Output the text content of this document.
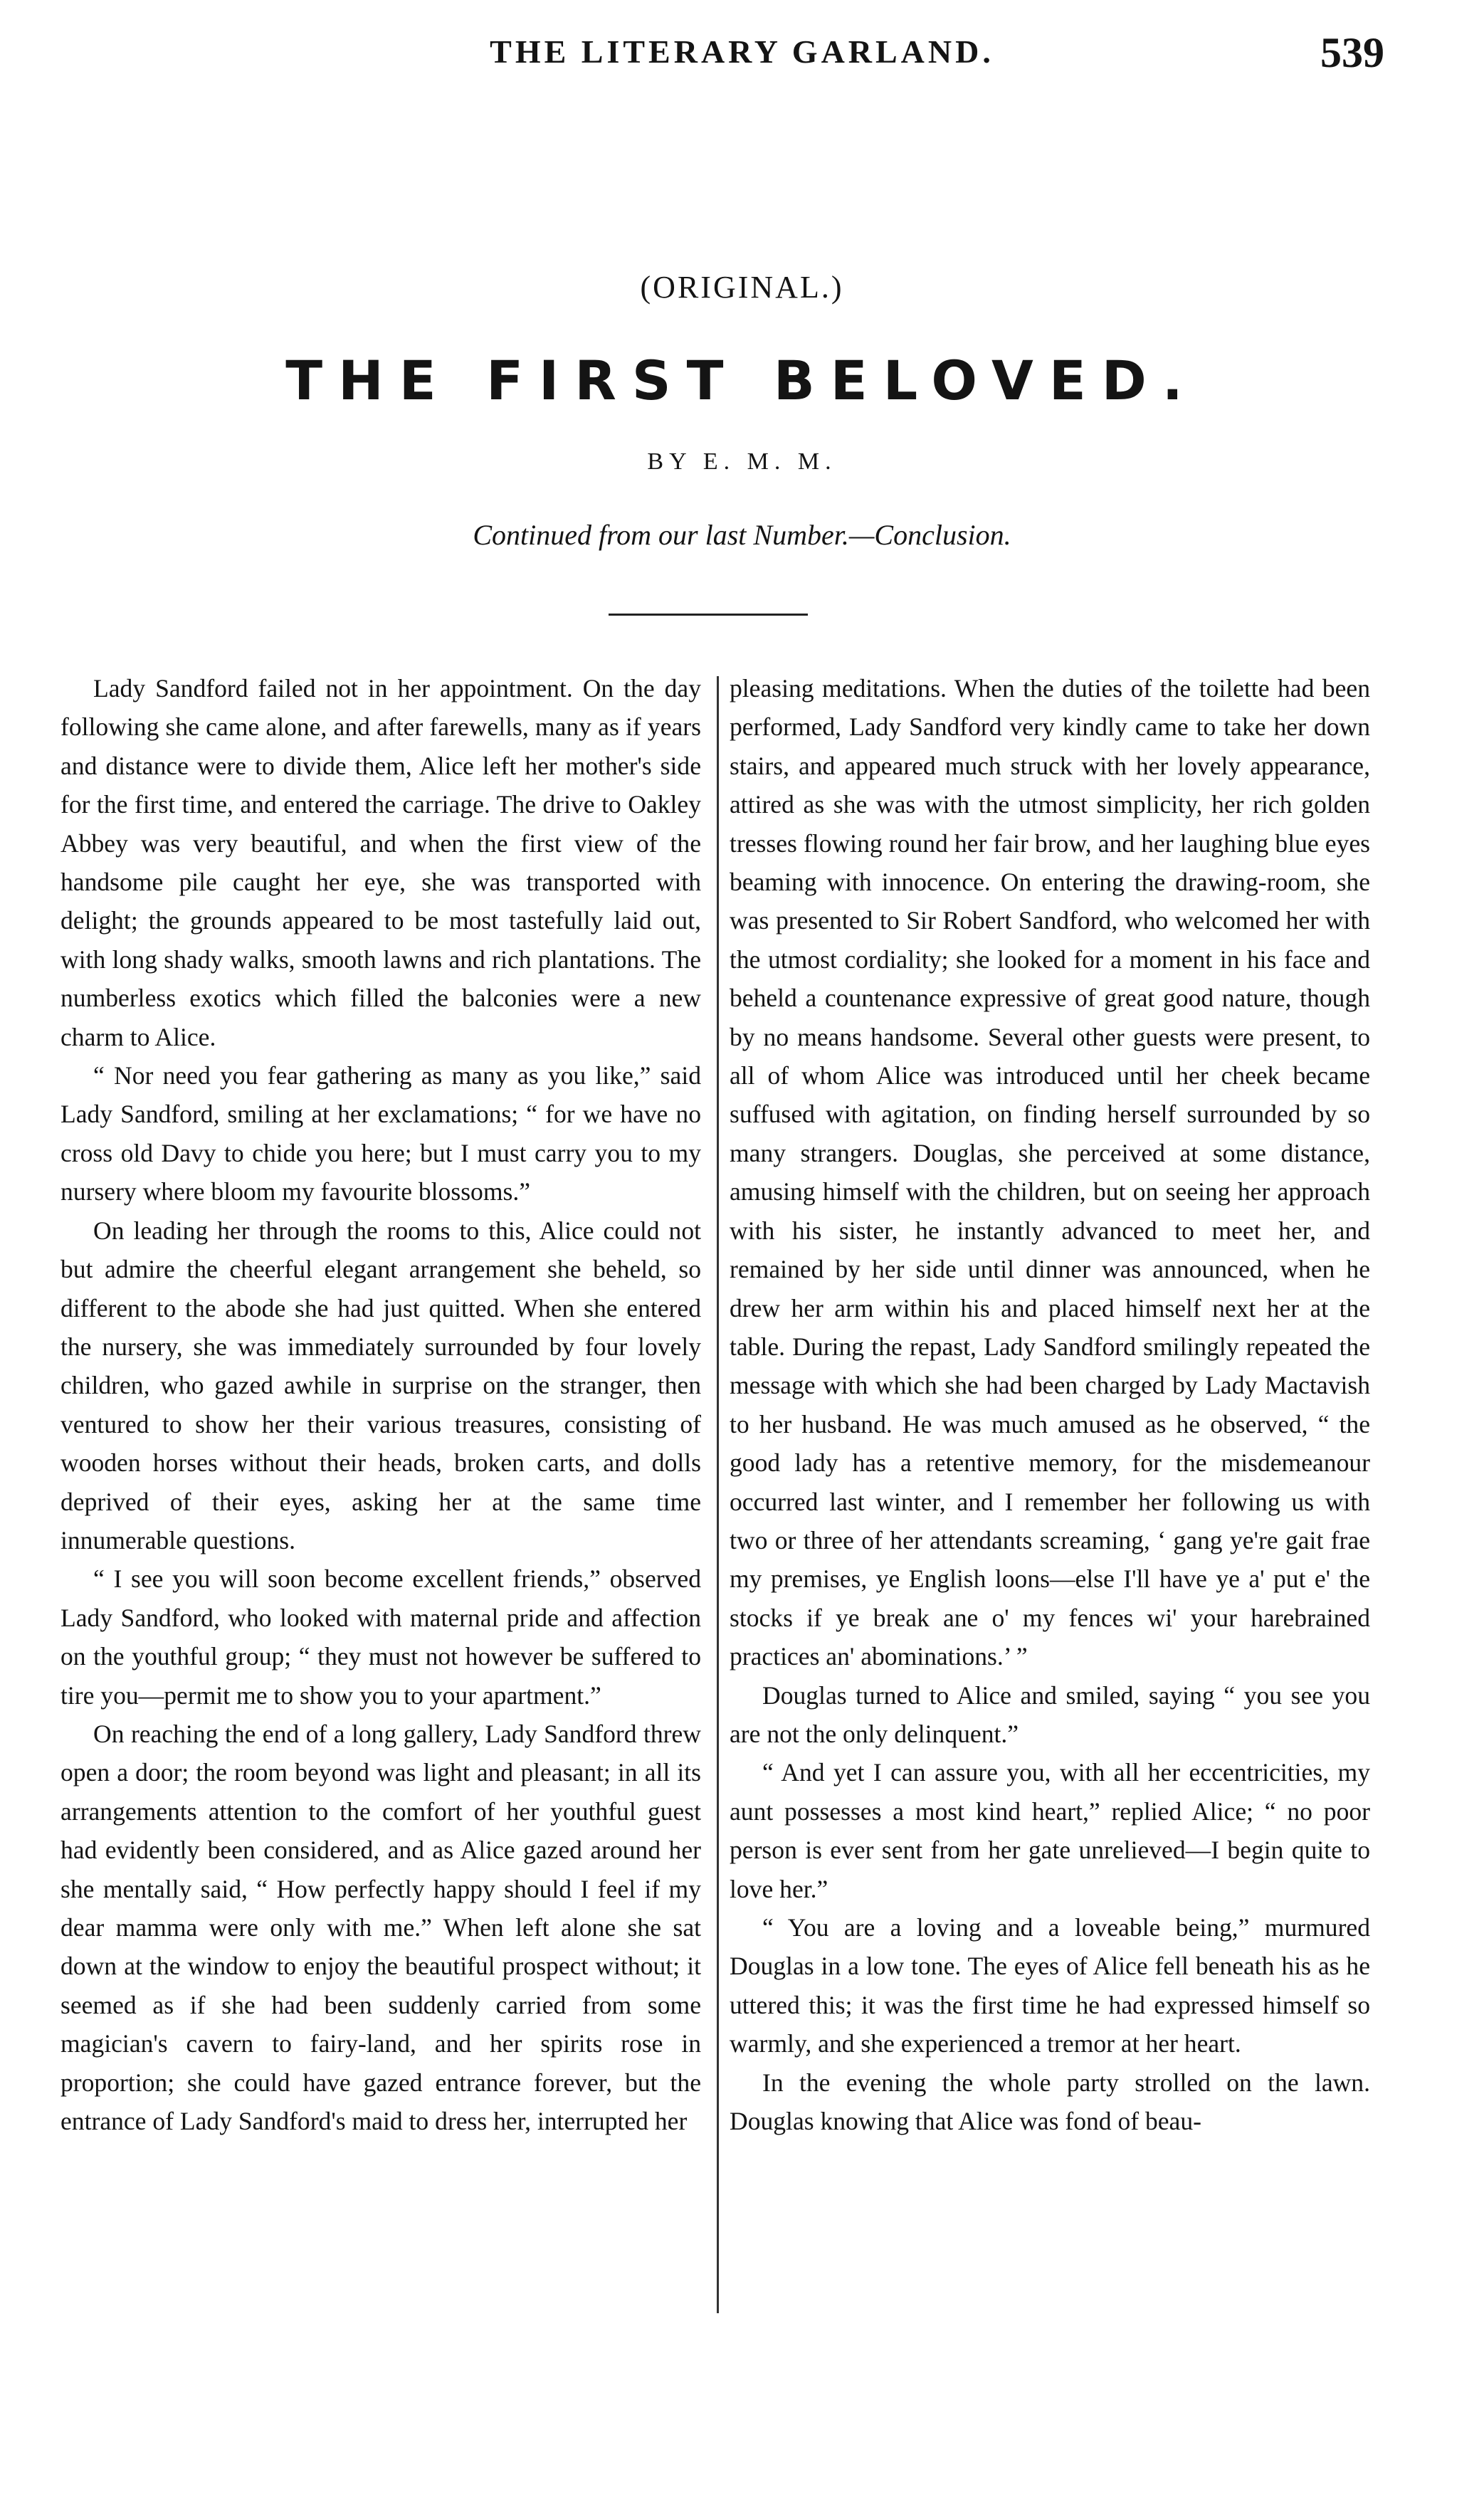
THE LITERARY GARLAND.	539
(ORIGINAL.)
THE FIRST BELOVED.
BY E. M. M.
Continued from our last Number.—Conclusion.

Lady Sandford failed not in her appointment. On the day following she came alone, and after farewells, many as if years and distance were to divide them, Alice left her mother's side for the first time, and entered the carriage. The drive to Oakley Abbey was very beautiful, and when the first view of the handsome pile caught her eye, she was transported with delight; the grounds appeared to be most tastefully laid out, with long shady walks, smooth lawns and rich plantations. The numberless exotics which filled the balconies were a new charm to Alice.

“ Nor need you fear gathering as many as you like,” said Lady Sandford, smiling at her exclamations; “ for we have no cross old Davy to chide you here; but I must carry you to my nursery where bloom my favourite blossoms.”

On leading her through the rooms to this, Alice could not but admire the cheerful elegant arrangement she beheld, so different to the abode she had just quitted. When she entered the nursery, she was immediately surrounded by four lovely children, who gazed awhile in surprise on the stranger, then ventured to show her their various treasures, consisting of wooden horses without their heads, broken carts, and dolls deprived of their eyes, asking her at the same time innumerable questions.

“ I see you will soon become excellent friends,” observed Lady Sandford, who looked with maternal pride and affection on the youthful group; “ they must not however be suffered to tire you—permit me to show you to your apartment.”

On reaching the end of a long gallery, Lady Sandford threw open a door; the room beyond was light and pleasant; in all its arrangements attention to the comfort of her youthful guest had evidently been considered, and as Alice gazed around her she mentally said, “ How perfectly happy should I feel if my dear mamma were only with me.” When left alone she sat down at the window to enjoy the beautiful prospect without; it seemed as if she had been suddenly carried from some magician's cavern to fairy-land, and her spirits rose in proportion; she could have gazed entrance forever, but the entrance of Lady Sandford's maid to dress her, interrupted her

pleasing meditations. When the duties of the toilette had been performed, Lady Sandford very kindly came to take her down stairs, and appeared much struck with her lovely appearance, attired as she was with the utmost simplicity, her rich golden tresses flowing round her fair brow, and her laughing blue eyes beaming with innocence. On entering the drawing-room, she was presented to Sir Robert Sandford, who welcomed her with the utmost cordiality; she looked for a moment in his face and beheld a countenance expressive of great good nature, though by no means handsome. Several other guests were present, to all of whom Alice was introduced until her cheek became suffused with agitation, on finding herself surrounded by so many strangers. Douglas, she perceived at some distance, amusing himself with the children, but on seeing her approach with his sister, he instantly advanced to meet her, and remained by her side until dinner was announced, when he drew her arm within his and placed himself next her at the table. During the repast, Lady Sandford smilingly repeated the message with which she had been charged by Lady Mactavish to her husband. He was much amused as he observed, “ the good lady has a retentive memory, for the misdemeanour occurred last winter, and I remember her following us with two or three of her attendants screaming, ‘ gang ye're gait frae my premises, ye English loons—else I'll have ye a' put e' the stocks if ye break ane o' my fences wi' your harebrained practices an' abominations.’ ”

Douglas turned to Alice and smiled, saying “ you see you are not the only delinquent.”

“ And yet I can assure you, with all her eccentricities, my aunt possesses a most kind heart,” replied Alice; “ no poor person is ever sent from her gate unrelieved—I begin quite to love her.”

“ You are a loving and a loveable being,” murmured Douglas in a low tone. The eyes of Alice fell beneath his as he uttered this; it was the first time he had expressed himself so warmly, and she experienced a tremor at her heart.

In the evening the whole party strolled on the lawn. Douglas knowing that Alice was fond of beau-
